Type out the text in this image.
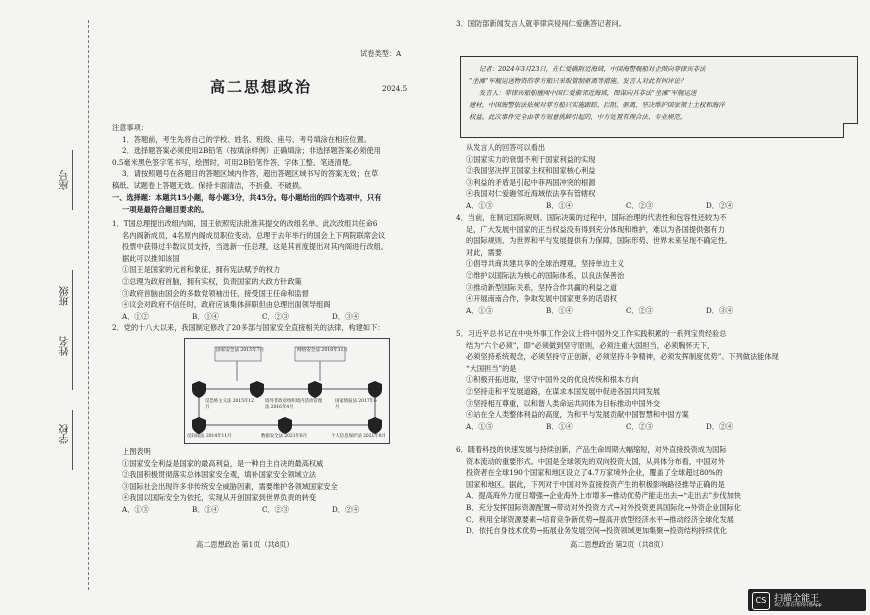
座号
班级
姓名
学校
试卷类型：A
高二思想政治	2024.5
注意事项：
1．答题前，考生先将自己的学校、姓名、班级、座号、考号填涂在相应位置。
2．选择题答案必须使用2B铅笔（按填涂样例）正确填涂；非选择题答案必须使用
0.5毫米黑色签字笔书写，绘图时，可用2B铅笔作答，字体工整、笔迹清楚。
3．请按照题号在各题目的答题区域内作答，超出答题区域书写的答案无效；在草
稿纸、试题卷上答题无效。保持卡面清洁，不折叠、不破损。
一、选择题：本题共15小题，每小题3分，共45分。每小题给出的四个选项中，只有
一项是最符合题目要求的。
1．T国总理提出改组内阁，国王依照宪法批准其提交的改组名单。此次改组共任命6
名内阁新成员，4名原内阁成员职位变动。总理于去年举行的国会上下两院联席会议
投票中获得过半数议员支持，当选新一任总理，这是其首度提出对其内阁进行改组。
据此可以推知该国
①国王是国家的元首和象征，拥有宪法赋予的权力
②总理为政府首脑，拥有实权，负责国家的大政方针政策
③政府首脑由国会的多数党领袖出任，接受国王任命和监督
④议会对政府不信任时，政府应该集体辞职但由总理出面领导组阁
A．①②	B．①④	C．②③	D．③④
2．党的十八大以来，我国制定修改了20多部与国家安全直接相关的法律，构建如下：
国家安全法 2015年7月	网络安全法 2016年11月
反恐怖主义法 2015年12月
境外非政府组织境内活动管理法 2016年4月
国家情报法 2017年6月
反间谍法 2014年11月	数据安全法 2021年6月	个人信息保护法 2021年8月
上图表明
①国家安全利益是国家的最高利益，是一种自主自决的最高权威
②我国积极贯彻落实总体国家安全观，填补国家安全领域立法
③国际社会出现许多非传统安全威胁因素，需要维护各领域国家安全
④我国以国际安全为依托，实现从开创国家到世界负责的转变
A．①③	B．①④	C．②③	D．②④
高二思想政治 第1页（共8页）
3．国防部新闻发言人就菲律宾侵闯仁爱礁答记者问。
记者：2024年3月23日，在仁爱礁附近海域，中国海警舰船对企图向菲律宾非法
“坐滩”军舰运送物资的菲方船只采取管制驱离等措施。发言人对此有何评论？
发言人：菲律宾船舶擅闯中国仁爱礁邻近海域，图谋向其非法“坐滩”军舰运送
建材，中国海警依法依规对菲方船只实施跟踪、拦阻、驱离，坚决维护国家领土主权和海洋
权益。此次事件完全由菲方刻意挑衅引起的，中方处置有理合法、专业规范。
从发言人的回答可以看出
①国家实力的衰弱不利于国家利益的实现
②我国坚决捍卫国家主权和国家核心利益
③利益的矛盾是引起中菲两国冲突的根源
④我国对仁爱礁邻近海域依法享有管辖权
A．①③	B．①④	C．②③	D．②④
4．当前，在制定国际规则、国际决策的过程中，国际治理的代表性和包容性还较为不
足，广大发展中国家的正当权益没有得到充分体现和维护，难以为各国提供强有力
的国际规则、为世界和平与发展提供有力保障，国际形势、世界未来呈现不确定性。
对此，需要
①倡导共商共建共享的全球治理观，坚持单边主义
②维护以国际法为核心的国际体系，以良法保善治
③推动新型国际关系，坚持合作共赢的利益之道
④开展南南合作，争取发展中国家更多的话语权
A．①③	B．①④	C．②③	D．③④
5．习近平总书记在中央外事工作会议上将中国外交工作实践积累的一系列宝贵经验总
结为“六个必须”，即“必须做到坚守原则，必须注重大国担当，必须胸怀天下，
必须坚持系统观念，必须坚持守正创新，必须坚持斗争精神，必须发挥制度优势”。下列做法能体现
“大国担当”的是
①积极开拓进取，坚守中国外交的优良传统和根本方向
②坚持走和平发展道路，在谋求本国发展中促进各国共同发展
③坚持相互尊重，以和谐人类命运共同体为目标推动中国外交
④站在全人类整体利益的高度，为和平与发展贡献中国智慧和中国方案
A．①③	B．①④	C．②③	D．②④
6．随着科技的快速发展与持续创新，产品生命周期大幅缩短，对外直接投资成为国际
资本流动的重要形式。中国是全球领先的双向投资大国，从具体分布看，中国对外
投资者在全球190个国家和地区设立了4.7万家境外企业，覆盖了全球超过80%的
国家和地区。据此，下列对于中国对外直接投资产生的积极影响路径推导正确的是
A．提高海外力度日增强→企业海外上市增多→推动优势产能走出去→“走出去”步伐加快
B．充分发挥国际资源配置→带动对外投资方式→对外投资更具国际化→外资企业国际化
C．利用全球资源要素→培育竞争新优势→提高开放型经济水平→推动经济全球化发展
D．依托自身技术优势→拓展业务发展空间→投资领域更加集聚→投资结构持续优化
高二思想政治 第2页（共8页）
CS 扫描全能王
3亿人都在用的扫描App
